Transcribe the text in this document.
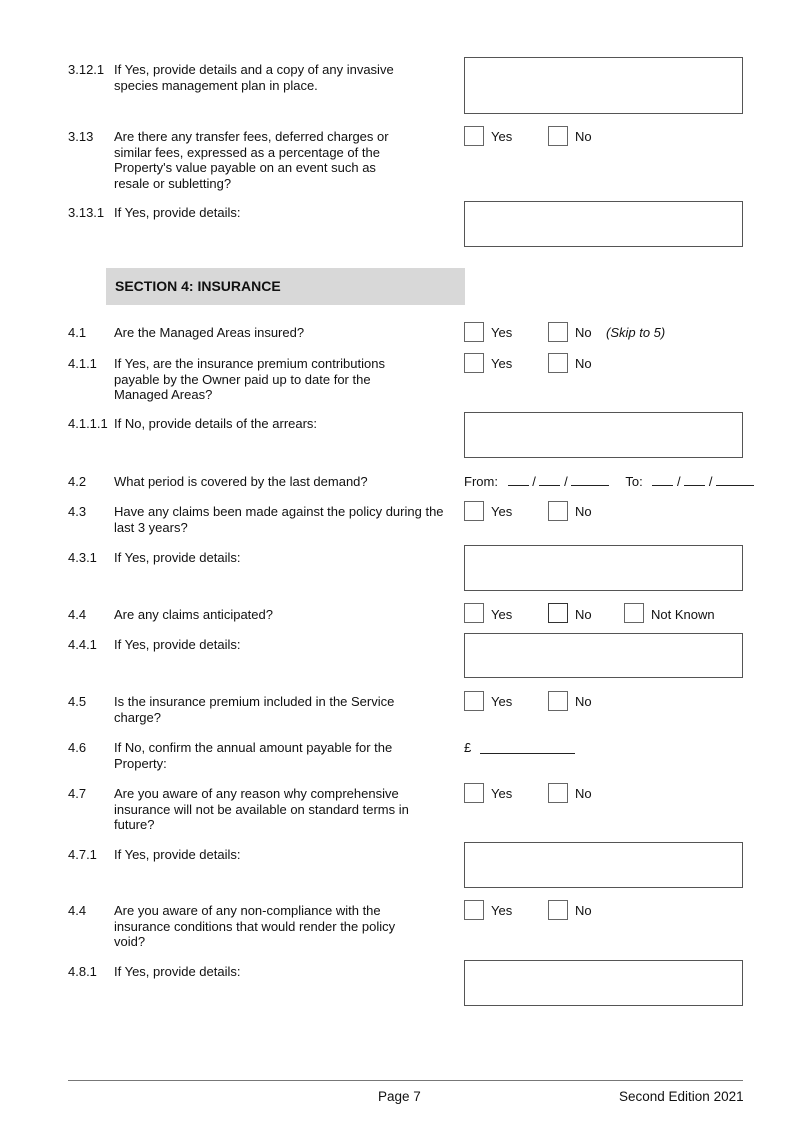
3.12.1 If Yes, provide details and a copy of any invasive species management plan in place.
3.13 Are there any transfer fees, deferred charges or similar fees, expressed as a percentage of the Property's value payable on an event such as resale or subletting?
Yes	No
3.13.1 If Yes, provide details:
SECTION 4: INSURANCE
4.1 Are the Managed Areas insured?	Yes	No (Skip to 5)
4.1.1 If Yes, are the insurance premium contributions payable by the Owner paid up to date for the Managed Areas?
Yes	No
4.1.1.1 If No, provide details of the arrears:
4.2 What period is covered by the last demand?	From:	/ /	To:	/ /
4.3 Have any claims been made against the policy during the last 3 years?
Yes	No
4.3.1 If Yes, provide details:
4.4 Are any claims anticipated?	Yes	No	Not Known
4.4.1 If Yes, provide details:
4.5 Is the insurance premium included in the Service charge?
Yes	No
4.6 If No, confirm the annual amount payable for the Property:
£
4.7 Are you aware of any reason why comprehensive insurance will not be available on standard terms in future?
Yes	No
4.7.1 If Yes, provide details:
4.4 Are you aware of any non-compliance with the insurance conditions that would render the policy void?
Yes	No
4.8.1 If Yes, provide details:
Page 7	Second Edition 2021
